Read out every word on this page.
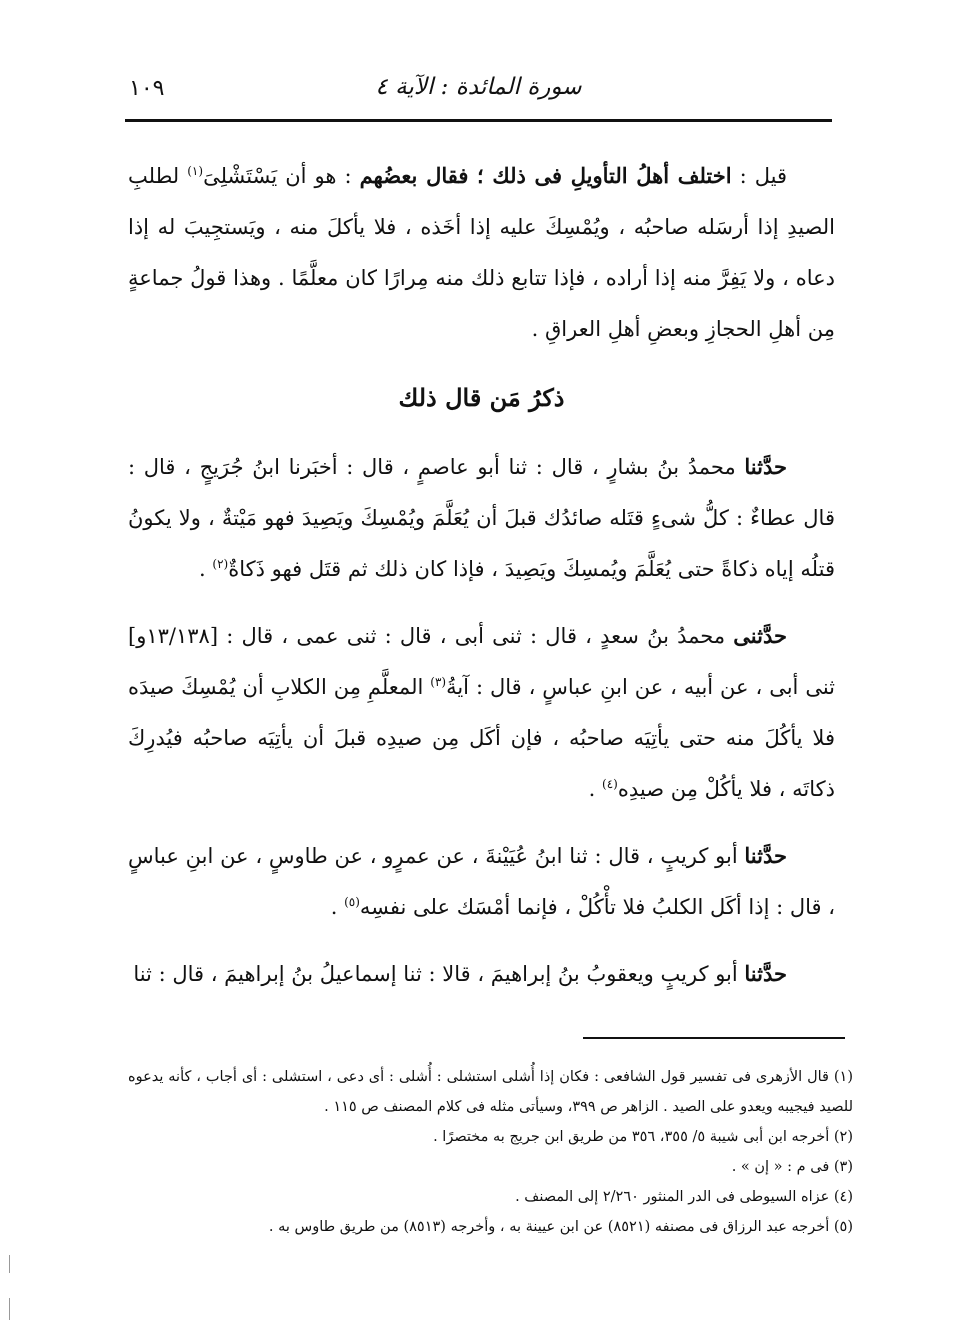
١٠٩	سورة المائدة : الآية ٤

قيل : اختلف أهلُ التأويلِ فى ذلك ؛ فقال بعضُهم : هو أن يَسْتَشْلِىَ$^{(١)}$ لطلبِ الصيدِ إذا أرسَله صاحبُه ، ويُمْسِكَ عليه إذا أخَذه ، فلا يأكلَ منه ، ويَستجِيبَ له إذا دعاه ، ولا يَفِرَّ منه إذا أراده ، فإذا تتابع ذلك منه مِرارًا كان معلَّمًا . وهذا قولُ جماعةٍ مِن أهلِ الحجازِ وبعضِ أهلِ العراقِ .

ذكرُ مَن قال ذلك

حدَّثنا محمدُ بنُ بشارٍ ، قال : ثنا أبو عاصمٍ ، قال : أخبَرنا ابنُ جُرَيجٍ ، قال : قال عطاءٌ : كلُّ شىءٍ قتَله صائدُك قبلَ أن يُعَلَّمَ ويُمْسِكَ ويَصِيدَ فهو مَيْتةٌ ، ولا يكونُ قتلُه إياه ذكاةً حتى يُعَلَّمَ ويُمسِكَ ويَصِيدَ ، فإذا كان ذلك ثم قتَل فهو ذَكاةٌ$^{(٢)}$ .

حدَّثنى محمدُ بنُ سعدٍ ، قال : ثنى أبى ، قال : ثنى عمى ، قال : [١٣/١٣٨و] ثنى أبى ، عن أبيه ، عن ابنِ عباسٍ ، قال : آيةُ$^{(٣)}$ المعلَّمِ مِن الكلابِ أن يُمْسِكَ صيدَه فلا يأكُلَ منه حتى يأتِيَه صاحبُه ، فإن أكَل مِن صيدِه قبلَ أن يأتِيَه صاحبُه فيُدرِكَ ذكاتَه ، فلا يأكُلْ مِن صيدِه$^{(٤)}$ .

حدَّثنا أبو كريبٍ ، قال : ثنا ابنُ عُيَيْنةَ ، عن عمرٍو ، عن طاوسٍ ، عن ابنِ عباسٍ ، قال : إذا أكَل الكلبُ فلا تأْكُلْ ، فإنما أمْسَك على نفسِه$^{(٥)}$ .

حدَّثنا أبو كريبٍ ويعقوبُ بنُ إبراهيمَ ، قالا : ثنا إسماعيلُ بنُ إبراهيمَ ، قال : ثنا

(١) قال الأزهرى فى تفسير قول الشافعى : فكان إذا أُشلى استشلى : أُشلى : أى دعى ، استشلى : أى أجاب ، كأنه يدعوه للصيد فيجيبه ويعدو على الصيد . الزاهر ص ٣٩٩، وسيأتى مثله فى كلام المصنف ص ١١٥ .

(٢) أخرجه ابن أبى شيبة ٥/ ٣٥٥، ٣٥٦ من طريق ابن جريج به مختصرًا .

(٣) فى م : « إن » .

(٤) عزاه السيوطى فى الدر المنثور ٢/٢٦٠ إلى المصنف .

(٥) أخرجه عبد الرزاق فى مصنفه (٨٥٢١) عن ابن عيينة به ، وأخرجه (٨٥١٣) من طريق طاوس به .
